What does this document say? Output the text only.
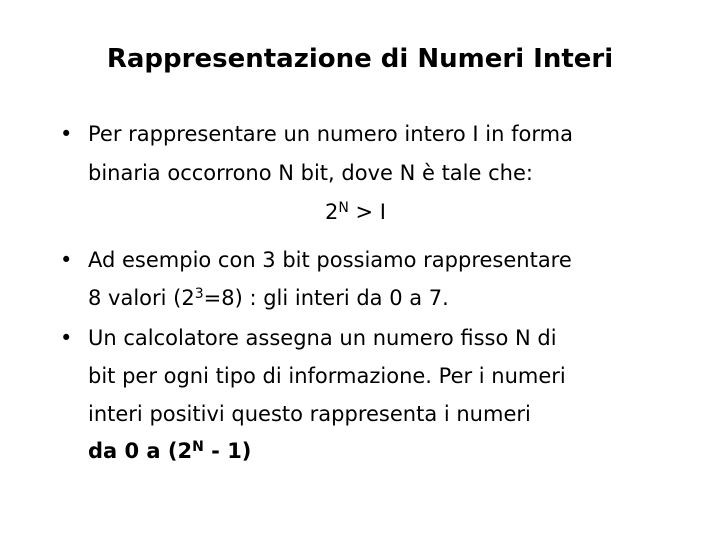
Rappresentazione di Numeri Interi
• Per rappresentare un numero intero I in forma
binaria occorrono N bit, dove N è tale che:
$2^N > I$
• Ad esempio con 3 bit possiamo rappresentare
8 valori $(2^3=8)$ : gli interi da 0 a 7.
• Un calcolatore assegna un numero fisso N di
bit per ogni tipo di informazione. Per i numeri
interi positivi questo rappresenta i numeri
da 0 a $(2^N - 1)$
